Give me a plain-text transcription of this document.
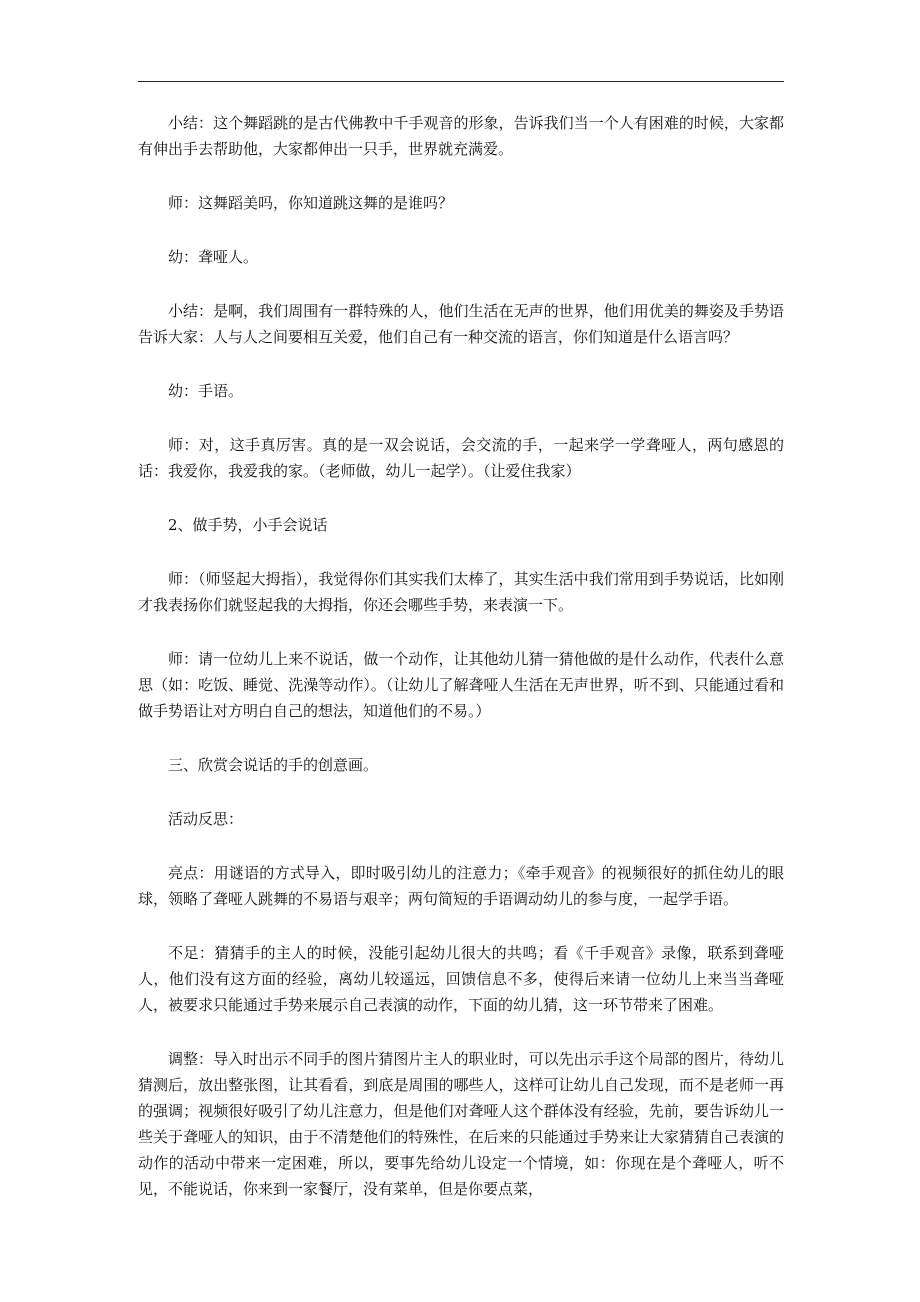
小结：这个舞蹈跳的是古代佛教中千手观音的形象，告诉我们当一个人有困难的时候，大家都有伸出手去帮助他，大家都伸出一只手，世界就充满爱。

师：这舞蹈美吗，你知道跳这舞的是谁吗？

幼：聋哑人。

小结：是啊，我们周围有一群特殊的人，他们生活在无声的世界，他们用优美的舞姿及手势语告诉大家：人与人之间要相互关爱，他们自己有一种交流的语言，你们知道是什么语言吗？

幼：手语。

师：对，这手真厉害。真的是一双会说话，会交流的手，一起来学一学聋哑人，两句感恩的话：我爱你，我爱我的家。（老师做，幼儿一起学）。（让爱住我家）

2、做手势，小手会说话

师：（师竖起大拇指），我觉得你们其实我们太棒了，其实生活中我们常用到手势说话，比如刚才我表扬你们就竖起我的大拇指，你还会哪些手势，来表演一下。

师：请一位幼儿上来不说话，做一个动作，让其他幼儿猜一猜他做的是什么动作，代表什么意思（如：吃饭、睡觉、洗澡等动作）。（让幼儿了解聋哑人生活在无声世界，听不到、只能通过看和做手势语让对方明白自己的想法，知道他们的不易。）

三、欣赏会说话的手的创意画。

活动反思：

亮点：用谜语的方式导入，即时吸引幼儿的注意力；《牵手观音》的视频很好的抓住幼儿的眼球，领略了聋哑人跳舞的不易语与艰辛；两句简短的手语调动幼儿的参与度，一起学手语。

不足：猜猜手的主人的时候，没能引起幼儿很大的共鸣；看《千手观音》录像，联系到聋哑人，他们没有这方面的经验，离幼儿较遥远，回馈信息不多，使得后来请一位幼儿上来当当聋哑人，被要求只能通过手势来展示自己表演的动作，下面的幼儿猜，这一环节带来了困难。

调整：导入时出示不同手的图片猜图片主人的职业时，可以先出示手这个局部的图片，待幼儿猜测后，放出整张图，让其看看，到底是周围的哪些人，这样可让幼儿自己发现，而不是老师一再的强调；视频很好吸引了幼儿注意力，但是他们对聋哑人这个群体没有经验，先前，要告诉幼儿一些关于聋哑人的知识，由于不清楚他们的特殊性，在后来的只能通过手势来让大家猜猜自己表演的动作的活动中带来一定困难，所以，要事先给幼儿设定一个情境，如：你现在是个聋哑人，听不见，不能说话，你来到一家餐厅，没有菜单，但是你要点菜，
